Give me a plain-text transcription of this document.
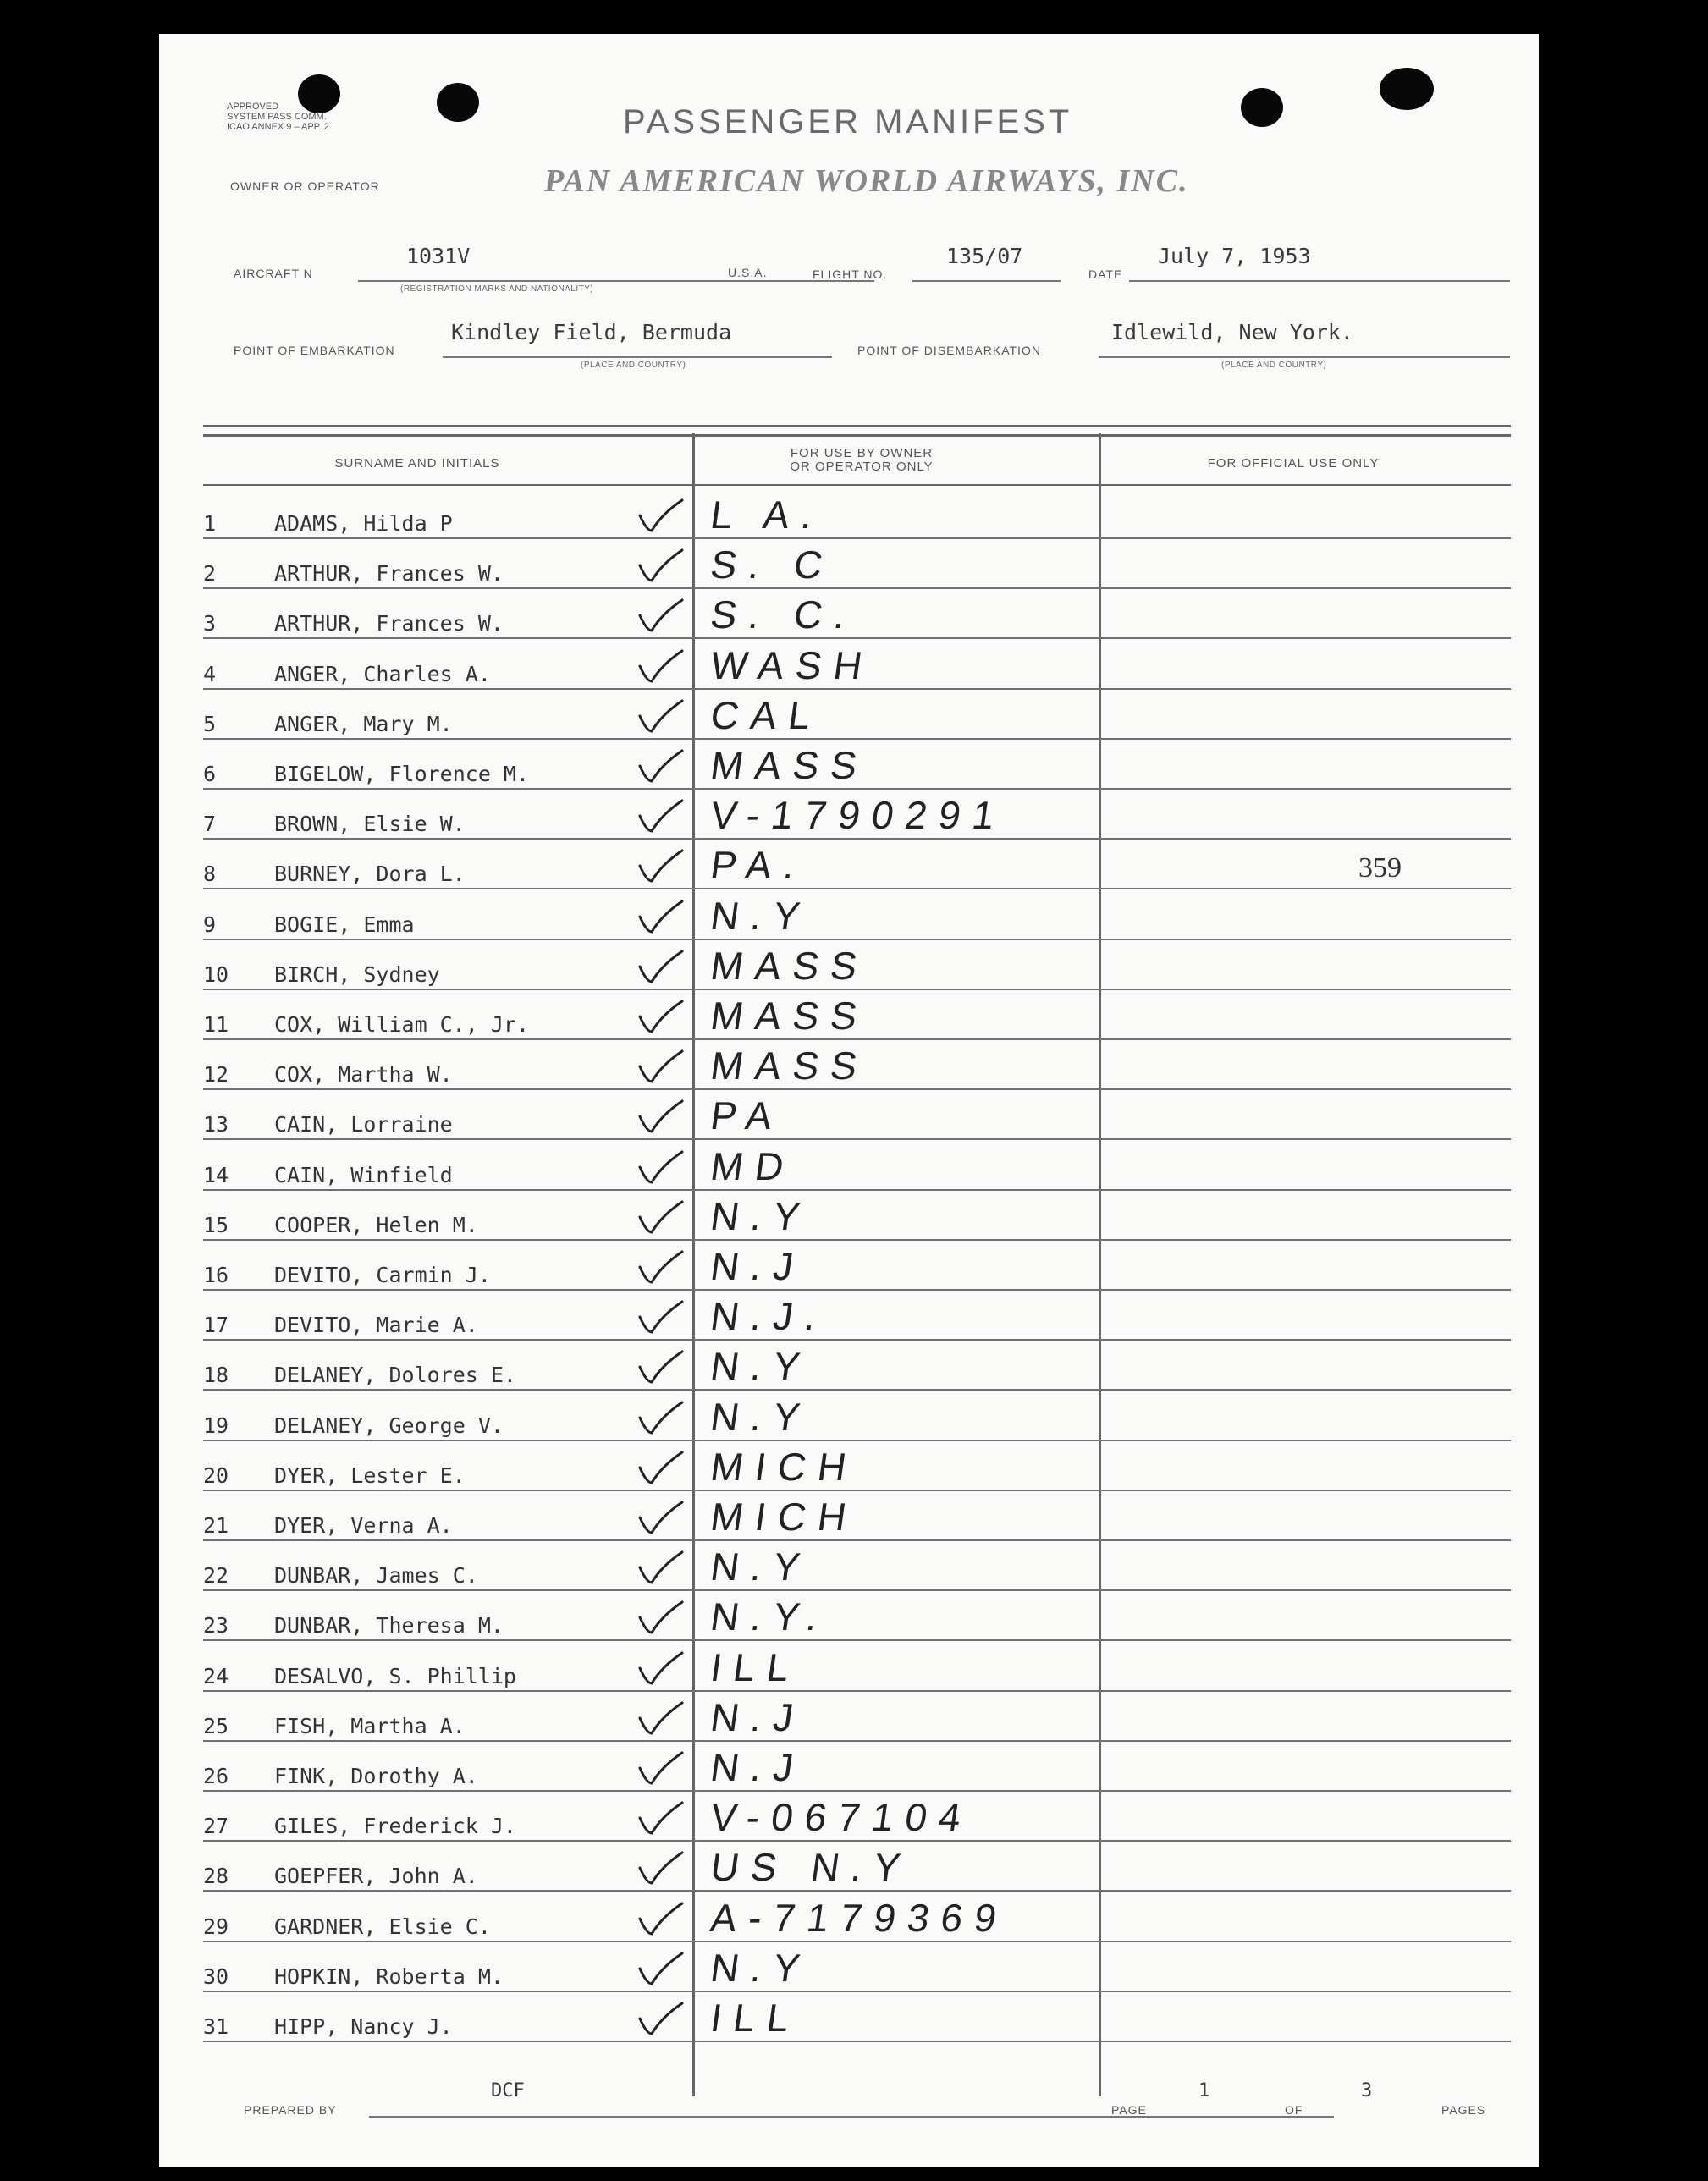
APPROVED
SYSTEM PASS COMM.
ICAO ANNEX 9 – APP. 2	PASSENGER MANIFEST
OWNER OR OPERATOR	PAN AMERICAN WORLD AIRWAYS, INC.
AIRCRAFT N
1031V
(REGISTRATION MARKS AND NATIONALITY)
U.S.A.	FLIGHT NO.
135/07
DATE
July 7, 1953
POINT OF EMBARKATION
Kindley Field, Bermuda
(PLACE AND COUNTRY)
POINT OF DISEMBARKATION
Idlewild, New York.
(PLACE AND COUNTRY)
SURNAME AND INITIALS
FOR USE BY OWNER
OR OPERATOR ONLY	FOR OFFICIAL USE ONLY
1	ADAMS, Hilda P	L A.
2	ARTHUR, Frances W.	S. C
3	ARTHUR, Frances W.	S. C.
4	ANGER, Charles A.	WASH
5	ANGER, Mary M.	CAL
6	BIGELOW, Florence M.	MASS
7	BROWN, Elsie W.	V-1790291
8	BURNEY, Dora L.	PA.	359
9	BOGIE, Emma	N.Y
10	BIRCH, Sydney	MASS
11	COX, William C., Jr.	MASS
12	COX, Martha W.	MASS
13	CAIN, Lorraine	PA
14	CAIN, Winfield	MD
15	COOPER, Helen M.	N.Y
16	DEVITO, Carmin J.	N.J
17	DEVITO, Marie A.	N.J.
18	DELANEY, Dolores E.	N.Y
19	DELANEY, George V.	N.Y
20	DYER, Lester E.	MICH
21	DYER, Verna A.	MICH
22	DUNBAR, James C.	N.Y
23	DUNBAR, Theresa M.	N.Y.
24	DESALVO, S. Phillip	ILL
25	FISH, Martha A.	N.J
26	FINK, Dorothy A.	N.J
27	GILES, Frederick J.	V-067104
28	GOEPFER, John A.	US N.Y
29	GARDNER, Elsie C.	A-7179369
30	HOPKIN, Roberta M.	N.Y
31	HIPP, Nancy J.	ILL
PREPARED BY
DCF
PAGE
1
OF
3
PAGES
